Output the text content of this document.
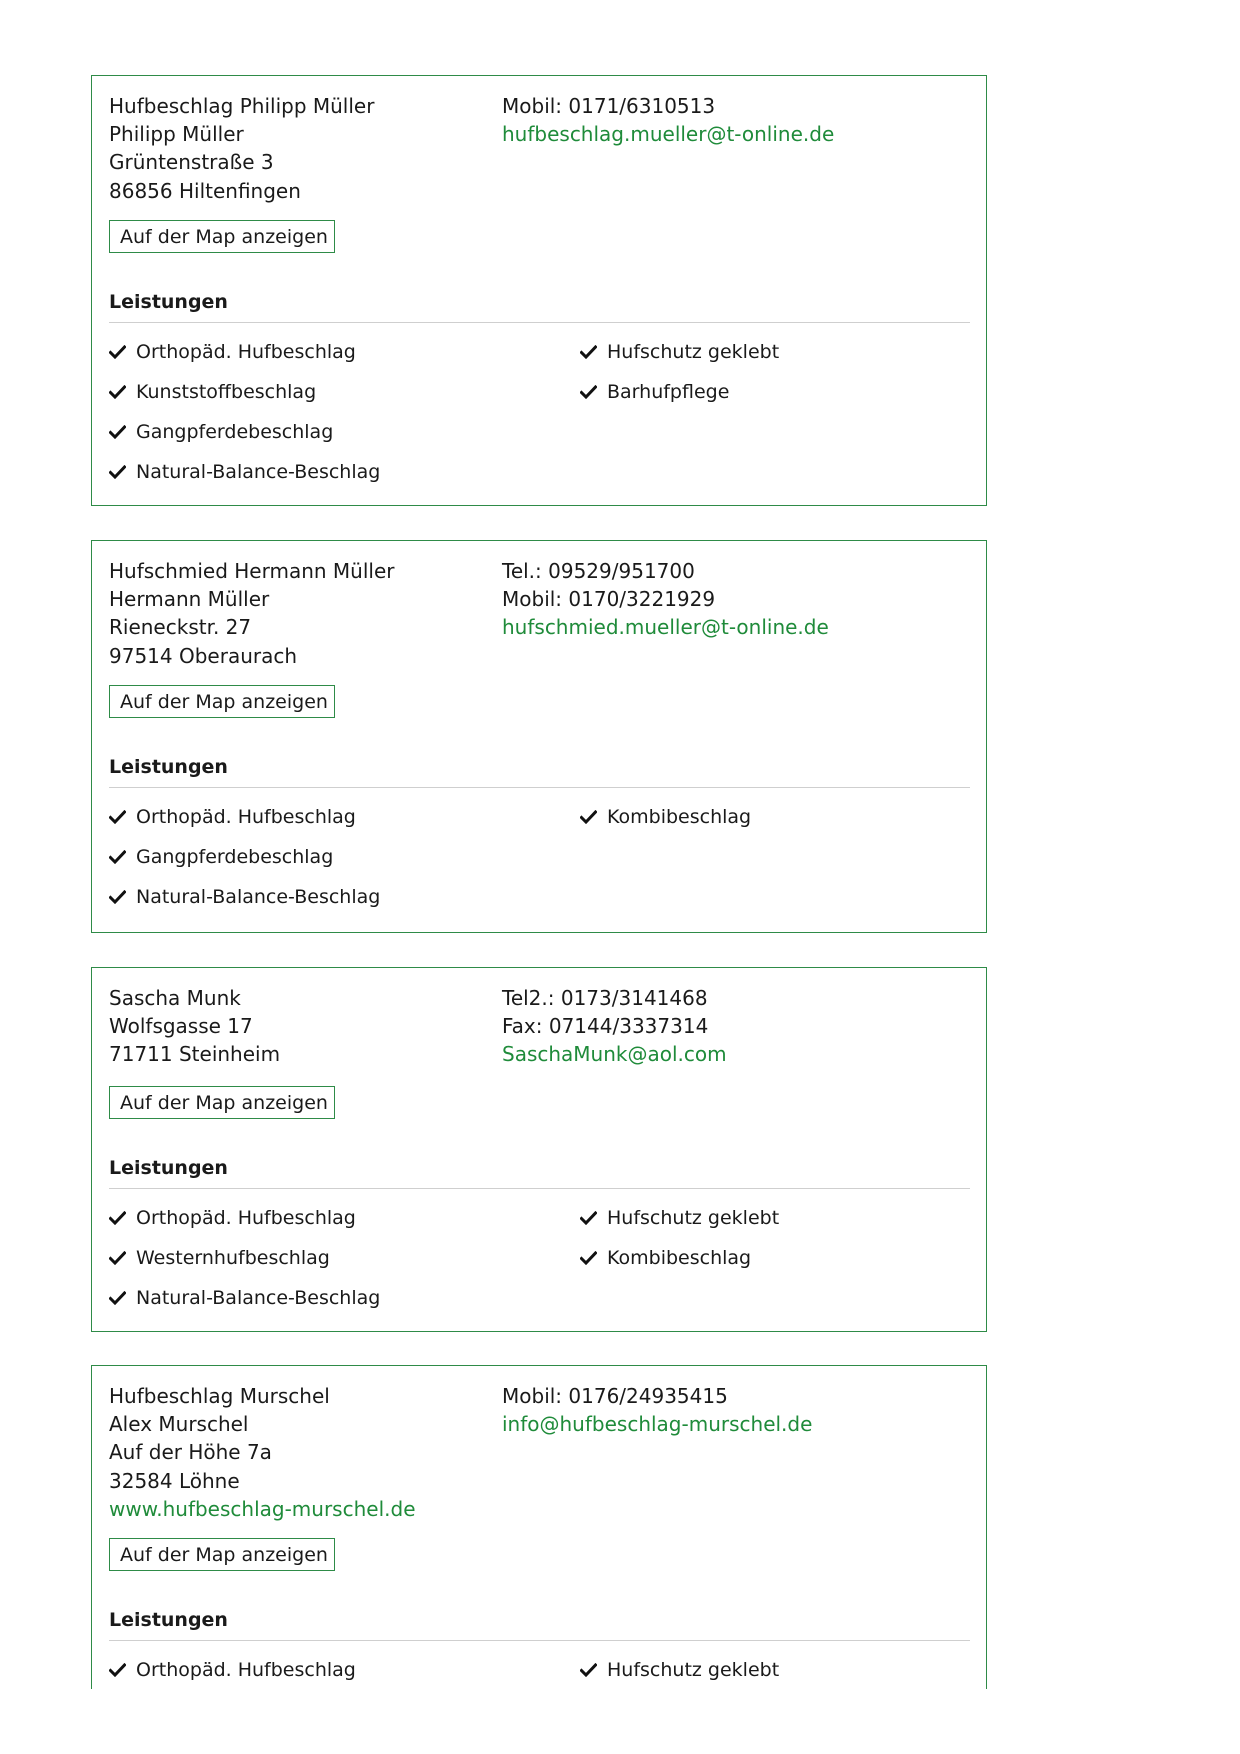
Hufbeschlag Philipp Müller
Philipp Müller
Grüntenstraße 3
86856 Hiltenfingen
Mobil: 0171/6310513
hufbeschlag.mueller@t-online.de
Auf der Map anzeigen
Leistungen
Orthopäd. Hufbeschlag
Kunststoffbeschlag
Gangpferdebeschlag
Natural-Balance-Beschlag
Hufschutz geklebt
Barhufpflege
Hufschmied Hermann Müller
Hermann Müller
Rieneckstr. 27
97514 Oberaurach
Tel.: 09529/951700
Mobil: 0170/3221929
hufschmied.mueller@t-online.de
Auf der Map anzeigen
Leistungen
Orthopäd. Hufbeschlag
Gangpferdebeschlag
Natural-Balance-Beschlag
Kombibeschlag
Sascha Munk
Wolfsgasse 17
71711 Steinheim
Tel2.: 0173/3141468
Fax: 07144/3337314
SaschaMunk@aol.com
Auf der Map anzeigen
Leistungen
Orthopäd. Hufbeschlag
Westernhufbeschlag
Natural-Balance-Beschlag
Hufschutz geklebt
Kombibeschlag
Hufbeschlag Murschel
Alex Murschel
Auf der Höhe 7a
32584 Löhne
www.hufbeschlag-murschel.de
Mobil: 0176/24935415
info@hufbeschlag-murschel.de
Auf der Map anzeigen
Leistungen
Orthopäd. Hufbeschlag	Hufschutz geklebt
